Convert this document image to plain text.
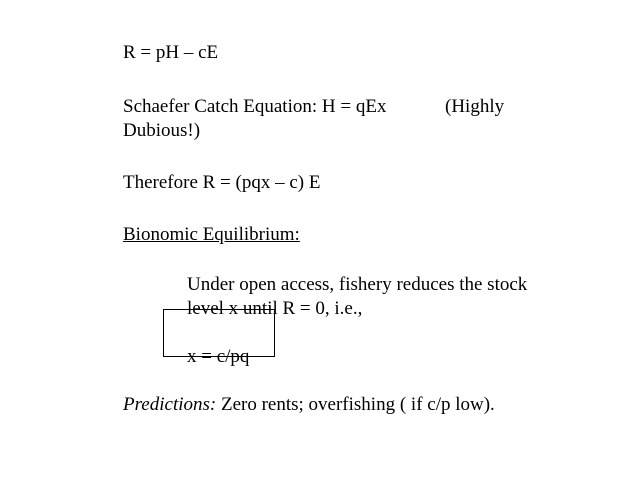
R = pH – cE
Schaefer Catch Equation: H = qEx	(Highly
Dubious!)
Therefore R = (pqx – c) E
Bionomic Equilibrium:
Under open access, fishery reduces the stock
level x until R = 0, i.e.,
x = c/pq
Predictions: Zero rents; overfishing ( if c/p low).
